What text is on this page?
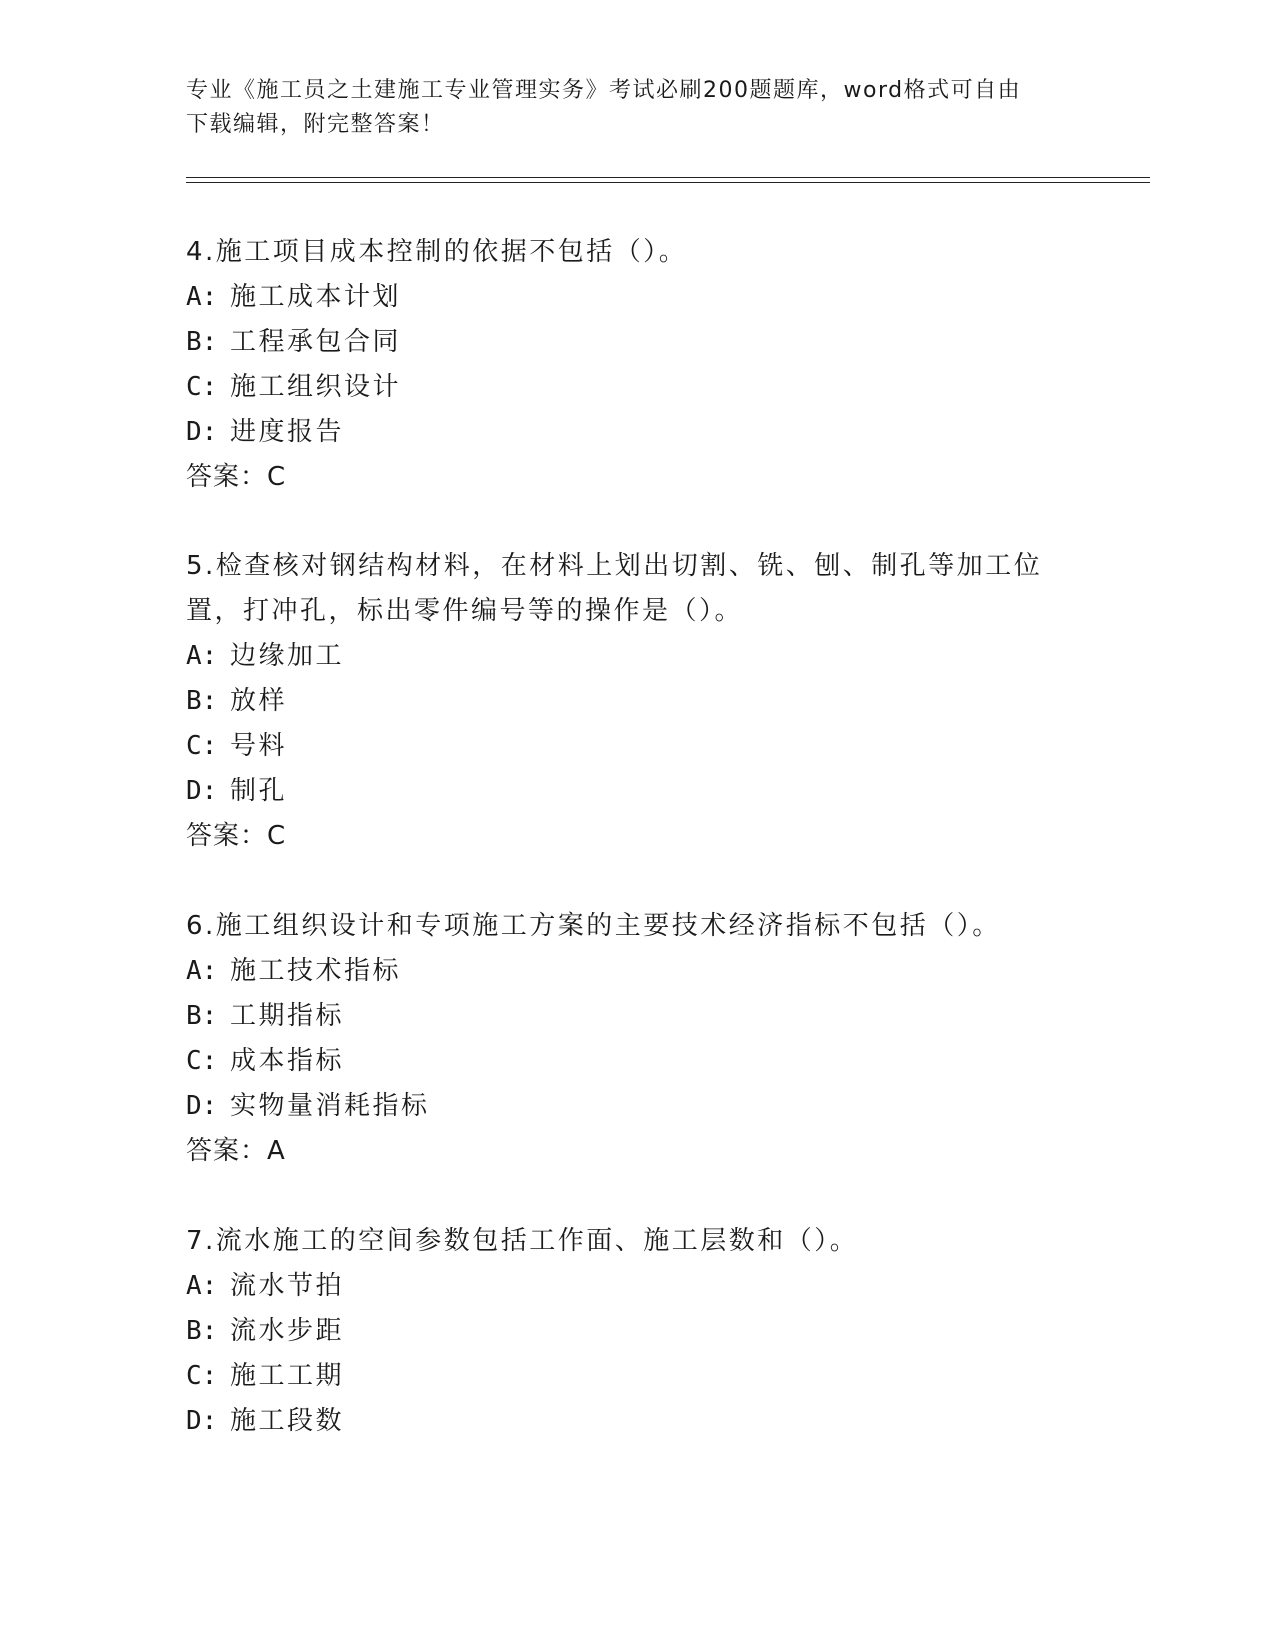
专业《施工员之土建施工专业管理实务》考试必刷200题题库，word格式可自由
下载编辑，附完整答案！
4.施工项目成本控制的依据不包括（）。
A: 施工成本计划
B: 工程承包合同
C: 施工组织设计
D: 进度报告
答案：C
5.检查核对钢结构材料，在材料上划出切割、铣、刨、制孔等加工位
置，打冲孔，标出零件编号等的操作是（）。
A: 边缘加工
B: 放样
C: 号料
D: 制孔
答案：C
6.施工组织设计和专项施工方案的主要技术经济指标不包括（）。
A: 施工技术指标
B: 工期指标
C: 成本指标
D: 实物量消耗指标
答案：A
7.流水施工的空间参数包括工作面、施工层数和（）。
A: 流水节拍
B: 流水步距
C: 施工工期
D: 施工段数
